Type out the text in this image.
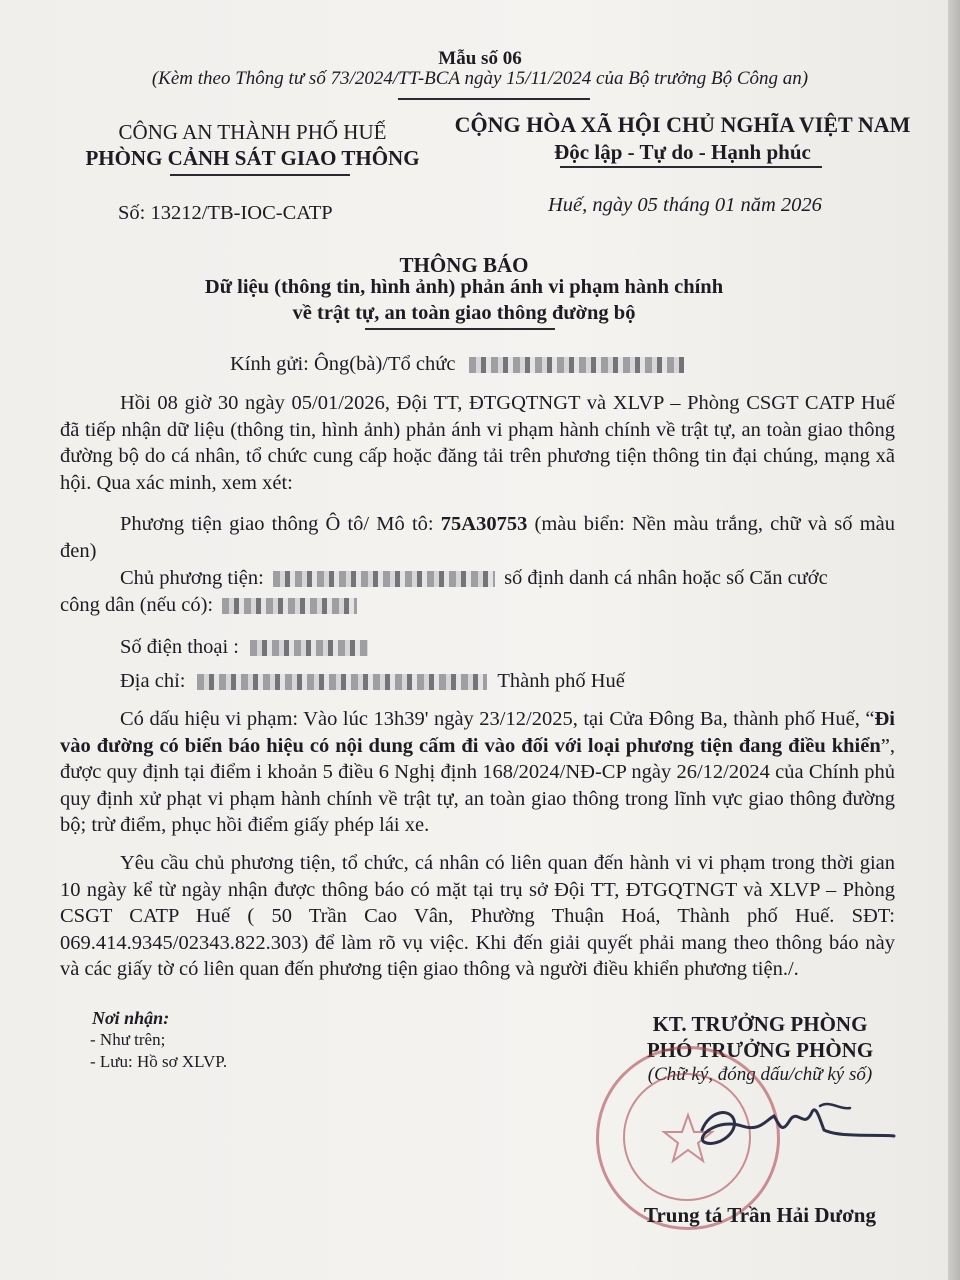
Mẫu số 06
(Kèm theo Thông tư số 73/2024/TT-BCA ngày 15/11/2024 của Bộ trưởng Bộ Công an)
CÔNG AN THÀNH PHỐ HUẾ
PHÒNG CẢNH SÁT GIAO THÔNG
CỘNG HÒA XÃ HỘI CHỦ NGHĨA VIỆT NAM
Độc lập - Tự do - Hạnh phúc
Số: 13212/TB-IOC-CATP	Huế, ngày 05 tháng 01 năm 2026
THÔNG BÁO
Dữ liệu (thông tin, hình ảnh) phản ánh vi phạm hành chính
về trật tự, an toàn giao thông đường bộ
Kính gửi: Ông(bà)/Tổ chức
Hồi 08 giờ 30 ngày 05/01/2026, Đội TT, ĐTGQTNGT và XLVP – Phòng CSGT CATP Huế đã tiếp nhận dữ liệu (thông tin, hình ảnh) phản ánh vi phạm hành chính về trật tự, an toàn giao thông đường bộ do cá nhân, tổ chức cung cấp hoặc đăng tải trên phương tiện thông tin đại chúng, mạng xã hội. Qua xác minh, xem xét:
Phương tiện giao thông Ô tô/ Mô tô: 75A30753 (màu biển: Nền màu trắng, chữ và số màu đen)
Chủ phương tiện:	số định danh cá nhân hoặc số Căn cước
công dân (nếu có):
Số điện thoại :
Địa chỉ:	Thành phố Huế
Có dấu hiệu vi phạm: Vào lúc 13h39' ngày 23/12/2025, tại Cửa Đông Ba, thành phố Huế, “Đi vào đường có biển báo hiệu có nội dung cấm đi vào đối với loại phương tiện đang điều khiển”, được quy định tại điểm i khoản 5 điều 6 Nghị định 168/2024/NĐ-CP ngày 26/12/2024 của Chính phủ quy định xử phạt vi phạm hành chính về trật tự, an toàn giao thông trong lĩnh vực giao thông đường bộ; trừ điểm, phục hồi điểm giấy phép lái xe.
Yêu cầu chủ phương tiện, tổ chức, cá nhân có liên quan đến hành vi vi phạm trong thời gian 10 ngày kể từ ngày nhận được thông báo có mặt tại trụ sở Đội TT, ĐTGQTNGT và XLVP – Phòng CSGT CATP Huế ( 50 Trần Cao Vân, Phường Thuận Hoá, Thành phố Huế. SĐT: 069.414.9345/02343.822.303) để làm rõ vụ việc. Khi đến giải quyết phải mang theo thông báo này và các giấy tờ có liên quan đến phương tiện giao thông và người điều khiển phương tiện./.
Nơi nhận:
- Như trên;
- Lưu: Hồ sơ XLVP.
KT. TRƯỞNG PHÒNG
PHÓ TRƯỞNG PHÒNG
(Chữ ký, đóng dấu/chữ ký số)
Trung tá Trần Hải Dương
